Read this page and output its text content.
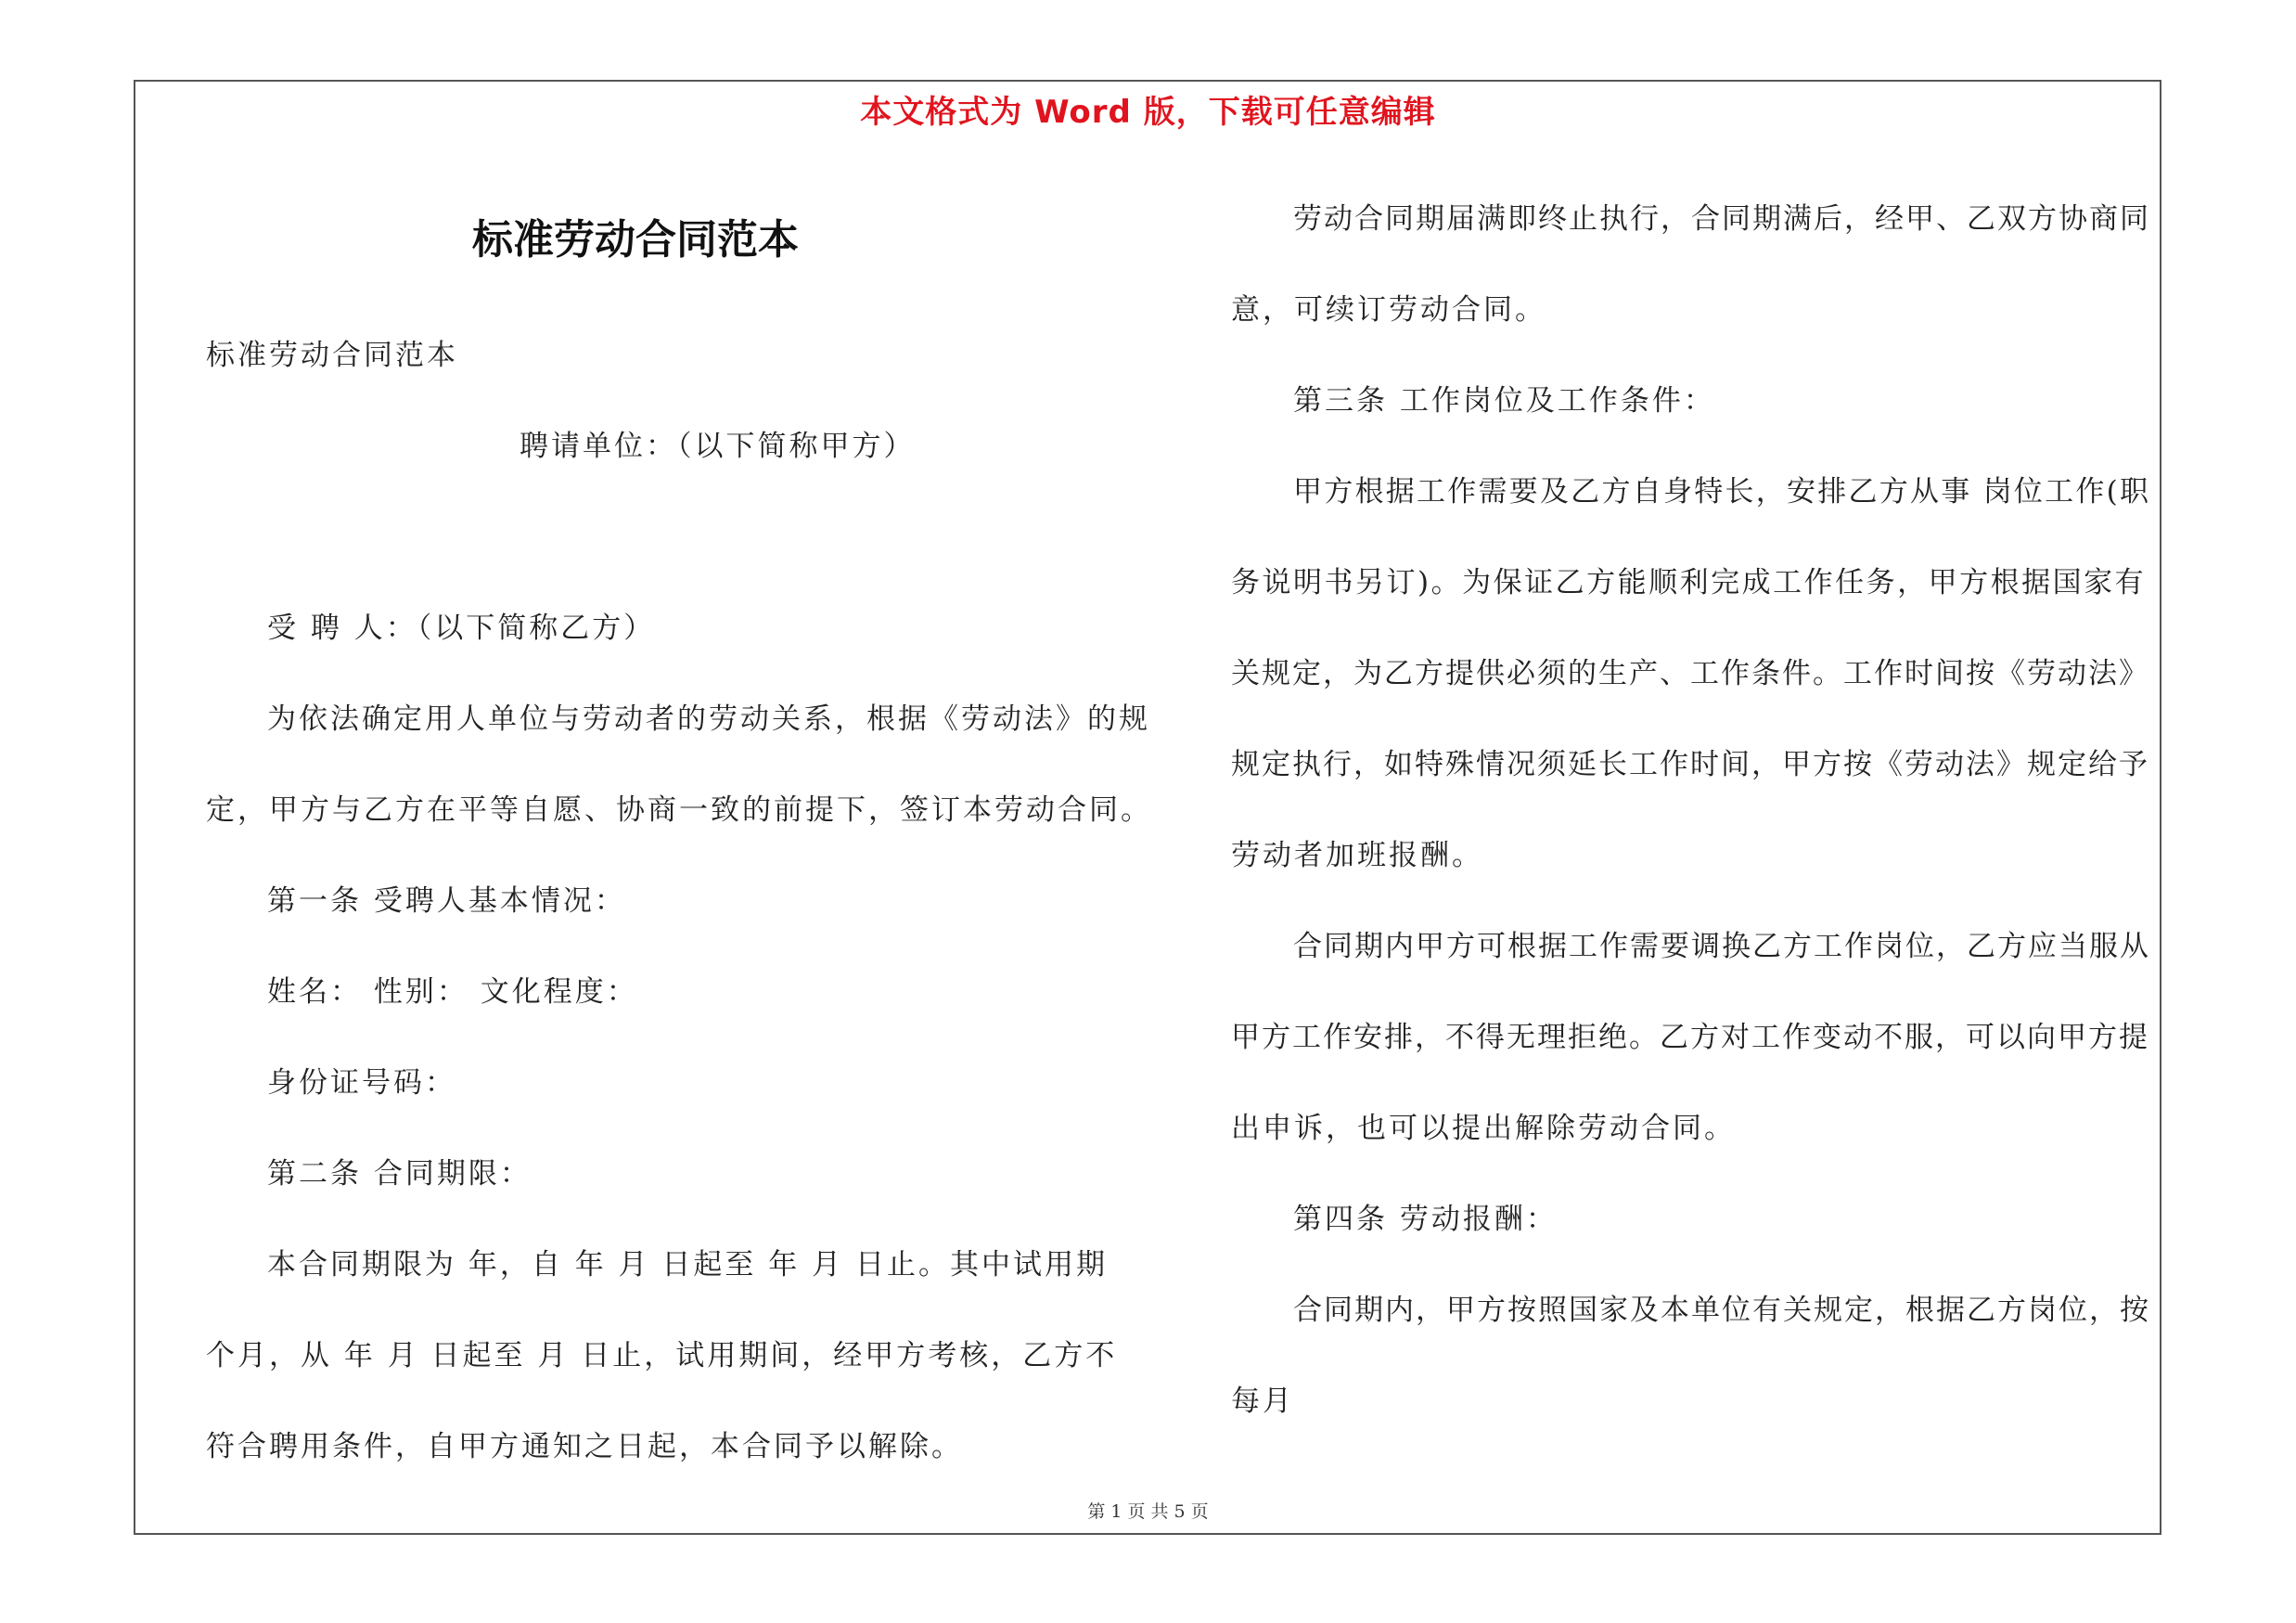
本文格式为 Word 版，下载可任意编辑
标准劳动合同范本
标准劳动合同范本
聘请单位：（以下简称甲方）
受 聘 人：（以下简称乙方）
为依法确定用人单位与劳动者的劳动关系，根据《劳动法》的规
定，甲方与乙方在平等自愿、协商一致的前提下，签订本劳动合同。
第一条 受聘人基本情况：
姓名： 性别： 文化程度：
身份证号码：
第二条 合同期限：
本合同期限为 年，自 年 月 日起至 年 月 日止。其中试用期
个月，从 年 月 日起至 月 日止，试用期间，经甲方考核，乙方不
符合聘用条件，自甲方通知之日起，本合同予以解除。
劳动合同期届满即终止执行，合同期满后，经甲、乙双方协商同
意，可续订劳动合同。
第三条 工作岗位及工作条件：
甲方根据工作需要及乙方自身特长，安排乙方从事 岗位工作(职
务说明书另订)。为保证乙方能顺利完成工作任务，甲方根据国家有
关规定，为乙方提供必须的生产、工作条件。工作时间按《劳动法》
规定执行，如特殊情况须延长工作时间，甲方按《劳动法》规定给予
劳动者加班报酬。
合同期内甲方可根据工作需要调换乙方工作岗位，乙方应当服从
甲方工作安排，不得无理拒绝。乙方对工作变动不服，可以向甲方提
出申诉，也可以提出解除劳动合同。
第四条 劳动报酬：
合同期内，甲方按照国家及本单位有关规定，根据乙方岗位，按
每月
第 1 页 共 5 页
